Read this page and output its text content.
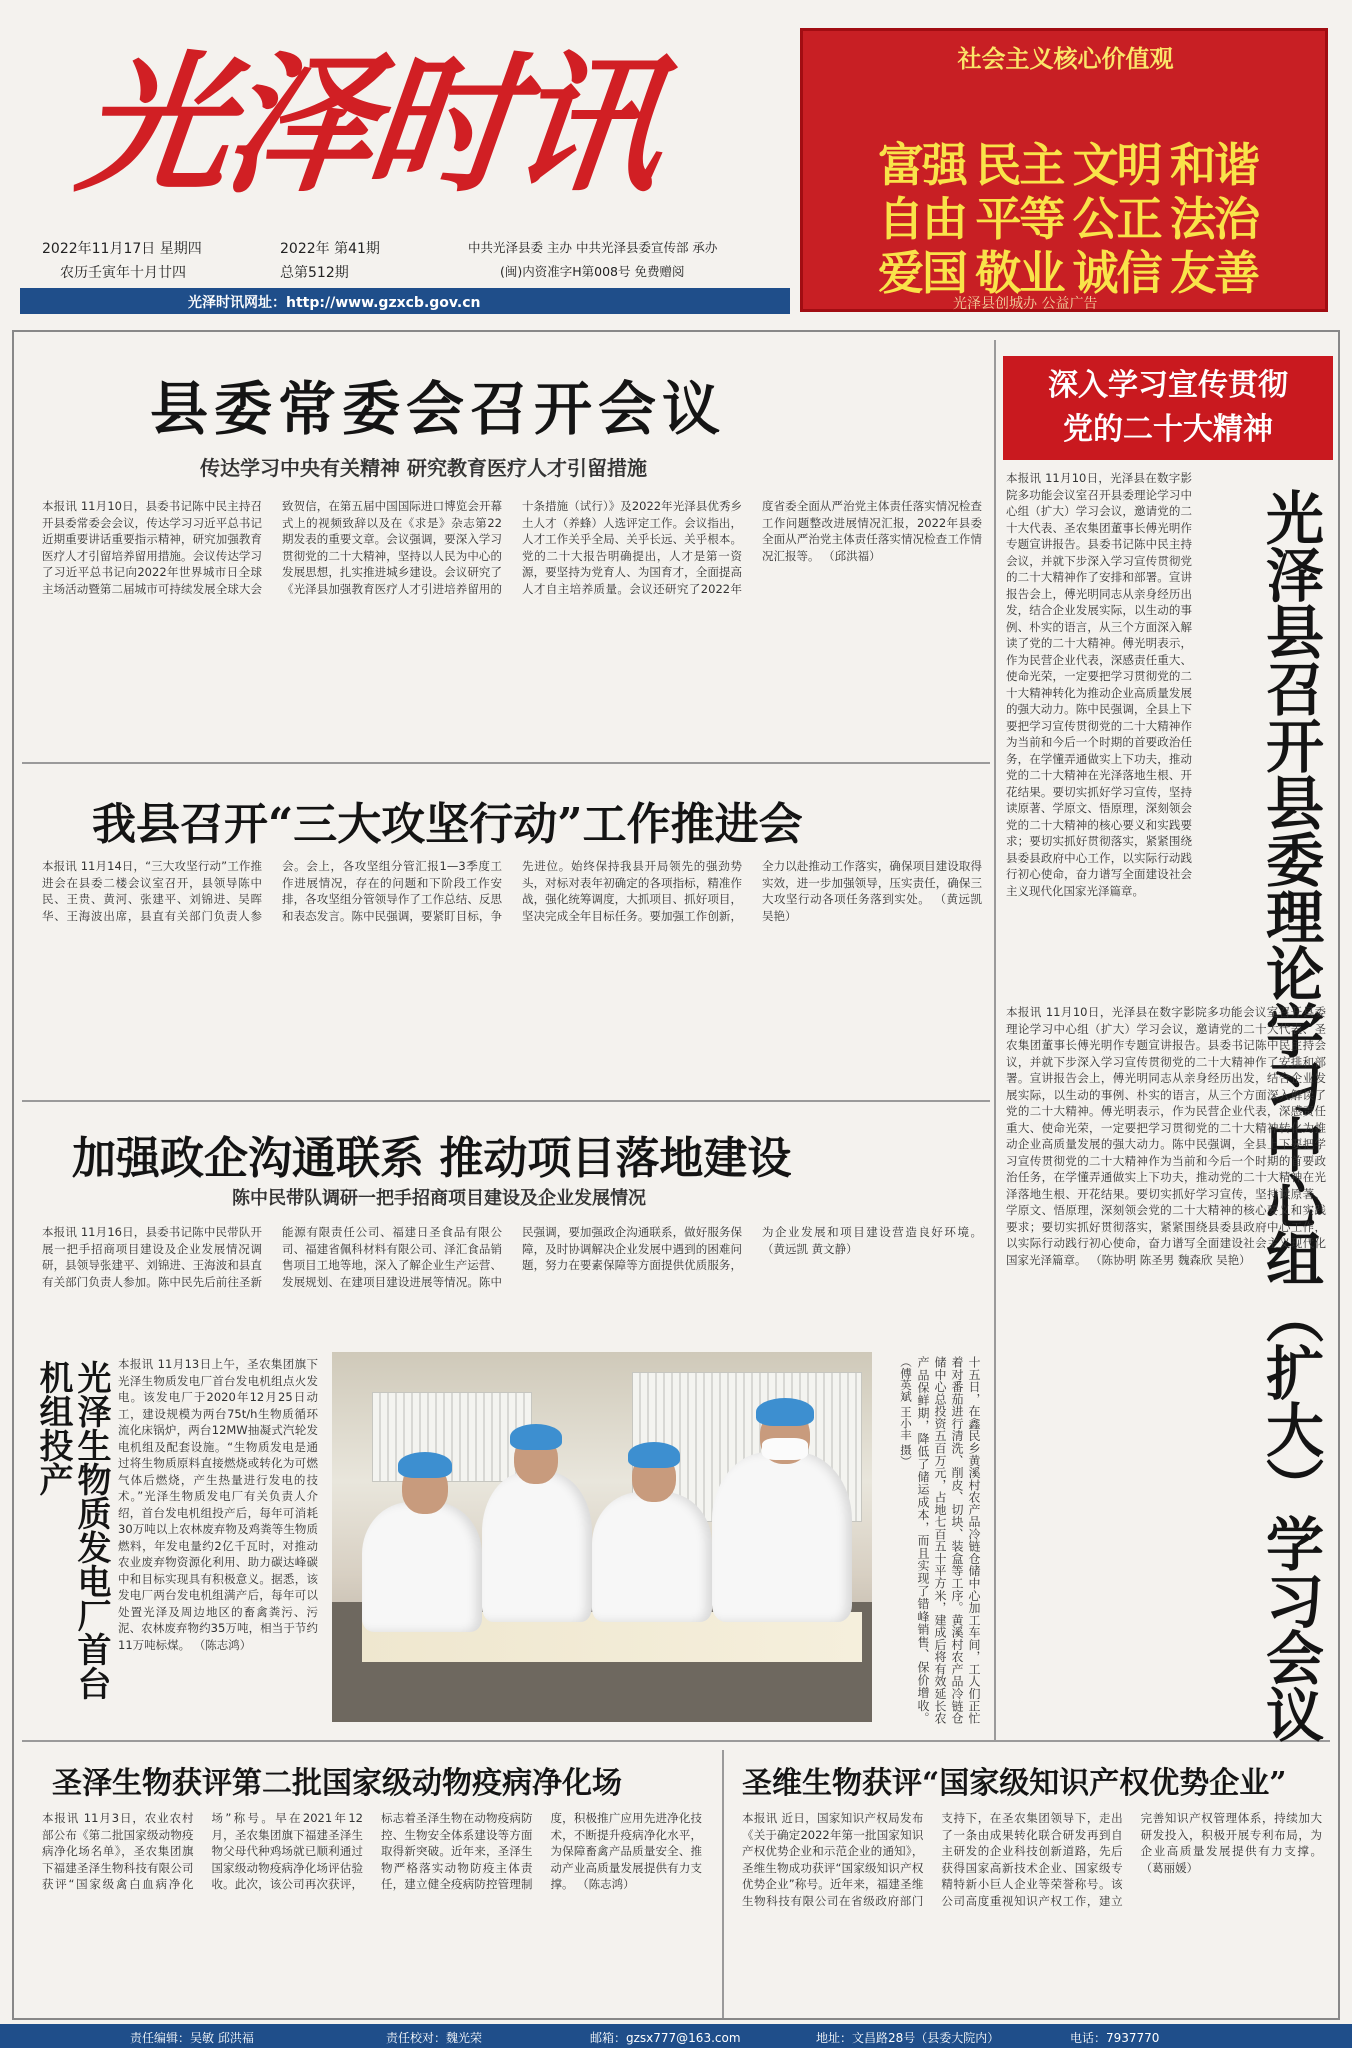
光泽时讯
2022年11月17日 星期四
农历壬寅年十月廿四
2022年 第41期
总第512期
中共光泽县委 主办 中共光泽县委宣传部 承办
(闽)内资准字H第008号 免费赠阅
光泽时讯网址：http://www.gzxcb.gov.cn
社会主义核心价值观
富强 民主 文明 和谐
自由 平等 公正 法治
爱国 敬业 诚信 友善
光泽县创城办 公益广告
县委常委会召开会议
传达学习中央有关精神 研究教育医疗人才引留措施
本报讯 11月10日，县委书记陈中民主持召开县委常委会会议，传达学习习近平总书记近期重要讲话重要指示精神，研究加强教育医疗人才引留培养留用措施。会议传达学习了习近平总书记向2022年世界城市日全球主场活动暨第二届城市可持续发展全球大会致贺信，在第五届中国国际进口博览会开幕式上的视频致辞以及在《求是》杂志第22期发表的重要文章。会议强调，要深入学习贯彻党的二十大精神，坚持以人民为中心的发展思想，扎实推进城乡建设。会议研究了《光泽县加强教育医疗人才引进培养留用的十条措施（试行）》及2022年光泽县优秀乡土人才（养蜂）人选评定工作。会议指出，人才工作关乎全局、关乎长远、关乎根本。党的二十大报告明确提出，人才是第一资源，要坚持为党育人、为国育才，全面提高人才自主培养质量。会议还研究了2022年度省委全面从严治党主体责任落实情况检查工作问题整改进展情况汇报，2022年县委全面从严治党主体责任落实情况检查工作情况汇报等。 （邱洪福）
我县召开“三大攻坚行动”工作推进会
本报讯 11月14日，“三大攻坚行动”工作推进会在县委二楼会议室召开，县领导陈中民、王贵、黄河、张建平、刘锦进、吴晖华、王海波出席，县直有关部门负责人参会。会上，各攻坚组分管汇报1—3季度工作进展情况，存在的问题和下阶段工作安排，各攻坚组分管领导作了工作总结、反思和表态发言。陈中民强调，要紧盯目标，争先进位。始终保持我县开局领先的强劲势头，对标对表年初确定的各项指标，精准作战，强化统筹调度，大抓项目、抓好项目，坚决完成全年目标任务。要加强工作创新，全力以赴推动工作落实，确保项目建设取得实效，进一步加强领导，压实责任，确保三大攻坚行动各项任务落到实处。 （黄远凯 吴艳）
加强政企沟通联系 推动项目落地建设
陈中民带队调研一把手招商项目建设及企业发展情况
本报讯 11月16日，县委书记陈中民带队开展一把手招商项目建设及企业发展情况调研，县领导张建平、刘锦进、王海波和县直有关部门负责人参加。陈中民先后前往圣新能源有限责任公司、福建日圣食品有限公司、福建省佩科材料有限公司、泽汇食品销售项目工地等地，深入了解企业生产运营、发展规划、在建项目建设进展等情况。陈中民强调，要加强政企沟通联系，做好服务保障，及时协调解决企业发展中遇到的困难问题，努力在要素保障等方面提供优质服务，为企业发展和项目建设营造良好环境。 （黄远凯 黄文静）
光泽生物质发电厂首台机组投产	本报讯 11月13日上午，圣农集团旗下光泽生物质发电厂首台发电机组点火发电。该发电厂于2020年12月25日动工，建设规模为两台75t/h生物质循环流化床锅炉，两台12MW抽凝式汽轮发电机组及配套设施。“生物质发电是通过将生物质原料直接燃烧或转化为可燃气体后燃烧，产生热量进行发电的技术。”光泽生物质发电厂有关负责人介绍，首台发电机组投产后，每年可消耗30万吨以上农林废弃物及鸡粪等生物质燃料，年发电量约2亿千瓦时，对推动农业废弃物资源化利用、助力碳达峰碳中和目标实现具有积极意义。据悉，该发电厂两台发电机组满产后，每年可以处置光泽及周边地区的畜禽粪污、污泥、农林废弃物约35万吨，相当于节约11万吨标煤。 （陈志鸿）	十五日，在鑫民乡黄溪村农产品冷链仓储中心加工车间，工人们正忙着对番茄进行清洗、削皮、切块、装盒等工序。黄溪村农产品冷链仓储中心总投资五百万元，占地七百五十平方米，建成后将有效延长农产品保鲜期，降低了储运成本，而且实现了错峰销售、保价增收。 （傅英斌 王小丰 摄）
圣泽生物获评第二批国家级动物疫病净化场
本报讯 11月3日，农业农村部公布《第二批国家级动物疫病净化场名单》，圣农集团旗下福建圣泽生物科技有限公司获评“国家级禽白血病净化场”称号。早在2021年12月，圣农集团旗下福建圣泽生物父母代种鸡场就已顺利通过国家级动物疫病净化场评估验收。此次，该公司再次获评，标志着圣泽生物在动物疫病防控、生物安全体系建设等方面取得新突破。近年来，圣泽生物严格落实动物防疫主体责任，建立健全疫病防控管理制度，积极推广应用先进净化技术，不断提升疫病净化水平，为保障畜禽产品质量安全、推动产业高质量发展提供有力支撑。 （陈志鸿）
圣维生物获评“国家级知识产权优势企业”
本报讯 近日，国家知识产权局发布《关于确定2022年第一批国家知识产权优势企业和示范企业的通知》，圣维生物成功获评“国家级知识产权优势企业”称号。近年来，福建圣维生物科技有限公司在省级政府部门支持下，在圣农集团领导下，走出了一条由成果转化联合研发再到自主研发的企业科技创新道路，先后获得国家高新技术企业、国家级专精特新小巨人企业等荣誉称号。该公司高度重视知识产权工作，建立完善知识产权管理体系，持续加大研发投入，积极开展专利布局，为企业高质量发展提供有力支撑。 （葛丽媛）
深入学习宣传贯彻
党的二十大精神
光泽县召开县委理论学习中心组（扩大）学习会议
本报讯 11月10日，光泽县在数字影院多功能会议室召开县委理论学习中心组（扩大）学习会议，邀请党的二十大代表、圣农集团董事长傅光明作专题宣讲报告。县委书记陈中民主持会议，并就下步深入学习宣传贯彻党的二十大精神作了安排和部署。宣讲报告会上，傅光明同志从亲身经历出发，结合企业发展实际，以生动的事例、朴实的语言，从三个方面深入解读了党的二十大精神。傅光明表示，作为民营企业代表，深感责任重大、使命光荣，一定要把学习贯彻党的二十大精神转化为推动企业高质量发展的强大动力。陈中民强调，全县上下要把学习宣传贯彻党的二十大精神作为当前和今后一个时期的首要政治任务，在学懂弄通做实上下功夫，推动党的二十大精神在光泽落地生根、开花结果。要切实抓好学习宣传，坚持读原著、学原文、悟原理，深刻领会党的二十大精神的核心要义和实践要求；要切实抓好贯彻落实，紧紧围绕县委县政府中心工作，以实际行动践行初心使命，奋力谱写全面建设社会主义现代化国家光泽篇章。
本报讯 11月10日，光泽县在数字影院多功能会议室召开县委理论学习中心组（扩大）学习会议，邀请党的二十大代表、圣农集团董事长傅光明作专题宣讲报告。县委书记陈中民主持会议，并就下步深入学习宣传贯彻党的二十大精神作了安排和部署。宣讲报告会上，傅光明同志从亲身经历出发，结合企业发展实际，以生动的事例、朴实的语言，从三个方面深入解读了党的二十大精神。傅光明表示，作为民营企业代表，深感责任重大、使命光荣，一定要把学习贯彻党的二十大精神转化为推动企业高质量发展的强大动力。陈中民强调，全县上下要把学习宣传贯彻党的二十大精神作为当前和今后一个时期的首要政治任务，在学懂弄通做实上下功夫，推动党的二十大精神在光泽落地生根、开花结果。要切实抓好学习宣传，坚持读原著、学原文、悟原理，深刻领会党的二十大精神的核心要义和实践要求；要切实抓好贯彻落实，紧紧围绕县委县政府中心工作，以实际行动践行初心使命，奋力谱写全面建设社会主义现代化国家光泽篇章。 （陈协明 陈圣男 魏森欣 吴艳）
责任编辑：吴敏 邱洪福	责任校对：魏光荣	邮箱：gzsx777@163.com	地址：文昌路28号（县委大院内）	电话：7937770
